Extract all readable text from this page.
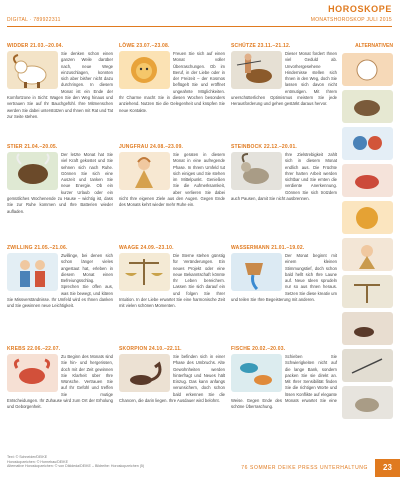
DIGITAL · 789922311
HOROSKOPE
MONATSHOROSKOP JULI 2015
WIDDER 21.03.–20.04.
Sie denken schon einen ganzen Weile darüber nach, neue Wege einzuschlagen, konnten sich aber bisher nicht dazu durchringen. In diesem Monat ist ein Ende der Komfortzone in Sicht: Wagen Sie den Weg hinaus und vertrauen Sie auf Ihr Bauchgefühl. Ihre Mitmenschen werden Sie dabei unterstützen und Ihnen mit Rat und Tat zur Seite stehen.
LÖWE 23.07.–23.08.
Freuen Sie sich auf einen Monat voller Überraschungen. Ob im Beruf, in der Liebe oder in der Freizeit – der Kosmos beflügelt Sie und eröffnet ungeahnte Möglichkeiten. Ihr Charme macht Sie in diesen Wochen besonders anziehend. Nutzen Sie die Gelegenheit und knüpfen Sie neue Kontakte.
SCHÜTZE 23.11.–21.12.
Dieser Monat fordert Ihnen viel Geduld ab. Unvorhergesehene Hindernisse stellen sich Ihnen in den Weg, doch Sie lassen sich davon nicht entmutigen. Mit Ihrem unerschütterlichen Optimismus meistern Sie jede Herausforderung und gehen gestärkt daraus hervor.
STIER 21.04.–20.05.
Der letzte Monat hat Sie viel Kraft gekostet und Sie sehnen sich nach Ruhe. Gönnen Sie sich eine Auszeit und tanken Sie neue Energie. Ob ein kurzer Urlaub oder ein gemütliches Wochenende zu Hause – wichtig ist, dass Sie zur Ruhe kommen und Ihre Batterien wieder aufladen.
JUNGFRAU 24.08.–23.09.
Sie geraten in diesem Monat in eine aufregende Phase. In Ihrem Umfeld tut sich einiges und Sie stehen im Mittelpunkt. Genießen Sie die Aufmerksamkeit, aber verlieren Sie dabei nicht Ihre eigenen Ziele aus den Augen. Gegen Ende des Monats kehrt wieder mehr Ruhe ein.
STEINBOCK 22.12.–20.01.
Ihre Zielstrebigkeit zahlt sich in diesem Monat endlich aus. Die Früchte Ihrer harten Arbeit werden sichtbar und Sie ernten die verdiente Anerkennung. Gönnen Sie sich trotzdem auch Pausen, damit Sie nicht ausbrennen.
ZWILLING 21.05.–21.06.
Zwillinge, bei denen sich schon länger vieles angestaut hat, erleben in diesem Monat einen Befreiungsschlag. Sprechen Sie offen aus, was Sie bewegt, und klären Sie Missverständnisse. Ihr Umfeld wird es Ihnen danken und Sie gewinnen neue Leichtigkeit.
WAAGE 24.09.–23.10.
Die Sterne stehen günstig für Veränderungen. Ein neues Projekt oder eine neue Bekanntschaft könnte Ihr Leben bereichern. Lassen Sie sich darauf ein und folgen Sie Ihrer Intuition. In der Liebe erwartet Sie eine harmonische Zeit mit vielen schönen Momenten.
WASSERMANN 21.01.–19.02.
Der Monat beginnt mit einem kleinen Stimmungstief, doch schon bald hellt sich Ihre Laune auf. Neue Ideen sprudeln nur so aus Ihnen heraus. Setzen Sie diese kreativ um und teilen Sie Ihre Begeisterung mit anderen.
KREBS 22.06.–22.07.
Zu Beginn des Monats sind Sie hin- und hergerissen, doch mit der Zeit gewinnen Sie Klarheit über Ihre Wünsche. Vertrauen Sie auf Ihr Gefühl und treffen Sie mutige Entscheidungen. Ihr Zuhause wird zum Ort der Erholung und Geborgenheit.
SKORPION 24.10.–22.11.
Sie befinden sich in einer Phase des Umbruchs. Alte Gewohnheiten werden hinterfragt und Neues hält Einzug. Das kann anfangs verunsichern, doch schon bald erkennen Sie die Chancen, die darin liegen. Ihre Ausdauer wird belohnt.
FISCHE 20.02.–20.03.
Schieben Sie Schwierigkeiten nicht auf die lange Bank, sondern packen Sie sie direkt an. Mit Ihrer Sensibilität finden Sie die richtigen Worte und lösen Konflikte auf elegante Weise. Gegen Ende des Monats erwartet Sie eine schöne Überraschung.
ALTERNATIVEN
Text: © Schneider/DEIKE
Horoskopzeichen: © Hornebau/DEIKE
Alternative Horoskopzeichen: © von Dikldeda/DEIKE – Bildreihe: Horoskopzeichen (5)	76 SOMMER DEIKE PRESS UNTERHALTUNG	23
